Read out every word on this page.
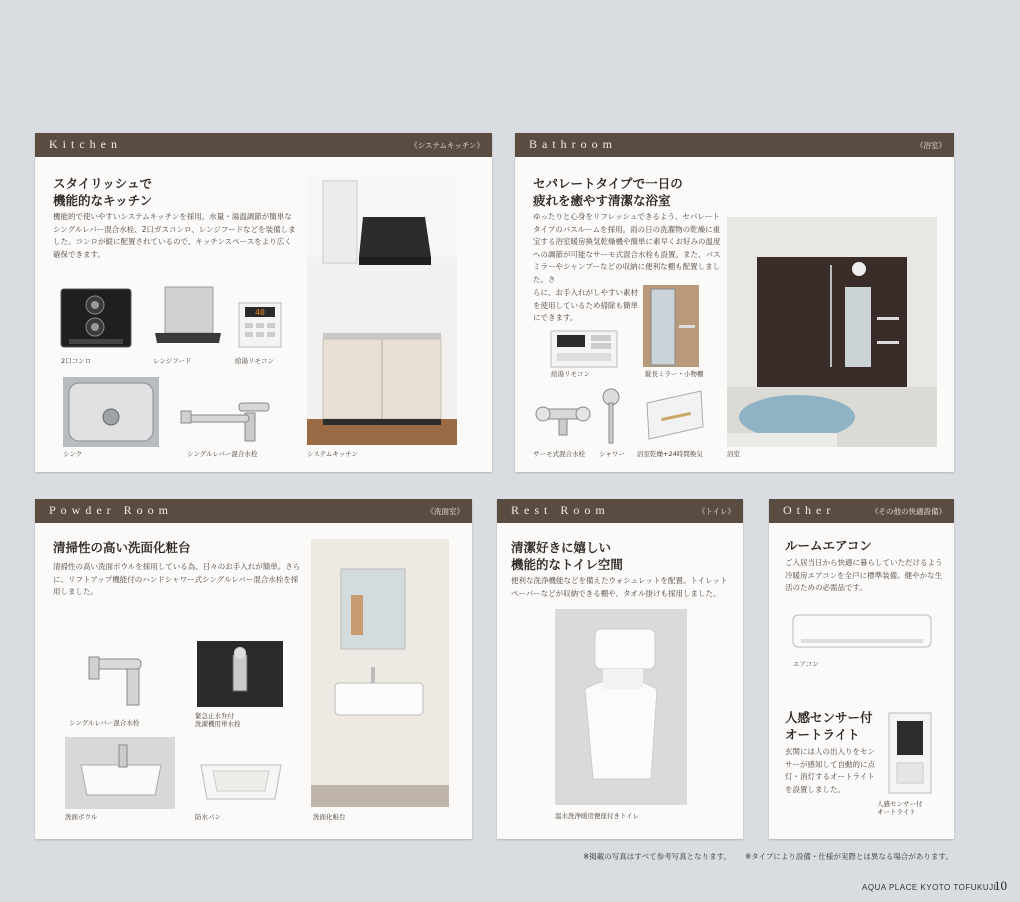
Kitchen	《システムキッチン》
スタイリッシュで
機能的なキッチン
機能的で使いやすいシステムキッチンを採用。水量・湯温調節が簡単なシングルレバー混合水栓、2口ガスコンロ、レンジフードなどを装備しました。コンロが縦に配置されているので、キッチンスペースをより広く確保できます。
2口コンロ	レンジフード
40
給湯リモコン
シンク	シングルレバー混合水栓	システムキッチン
Bathroom	《浴室》
セパレートタイプで一日の
疲れを癒やす清潔な浴室
ゆったりと心身をリフレッシュできるよう、セパレートタイプのバスルームを採用。雨の日の洗濯物の乾燥に重宝する浴室暖房換気乾燥機や簡単に素早くお好みの温度への調節が可能なサーモ式混合水栓も設置。また、バスミラーやシャンプーなどの収納に便利な棚も配置しました。さ
らに、お手入れがしやすい素材を使用しているため掃除も簡単にできます。
給湯リモコン	縦長ミラー・小物棚
サーモ式混合水栓 シャワー 浴室乾燥+24時間換気	浴室
Powder Room	《洗面室》
清掃性の高い洗面化粧台
清掃性の高い洗面ボウルを採用している為、日々のお手入れが簡単。さらに、リフトアップ機能付のハンドシャワー式シングルレバー混合水栓を採用しました。
シングルレバー混合水栓
緊急止水弁付
洗濯機用単水栓
洗面ボウル	防水パン	洗面化粧台
Rest Room	《トイレ》
清潔好きに嬉しい
機能的なトイレ空間
便利な洗浄機能などを備えたウォシュレットを配置。トイレットペーパーなどが収納できる棚や、タオル掛けも採用しました。
温水洗浄暖房便座付きトイレ
Other	《その他の快適設備》
ルームエアコン
ご入居当日から快適に暮らしていただけるよう冷暖房エアコンを全戸に標準装備。健やかな生活のための必需品です。
エアコン
人感センサー付
オートライト
玄関には人の出入りをセンサーが感知して自動的に点灯・消灯するオートライトを設置しました。
人感センサー付
オートライト
※掲載の写真はすべて参考写真となります。 ※タイプにより設備・仕様が実際とは異なる場合があります。
AQUA PLACE KYOTO TOFUKUJI
10
